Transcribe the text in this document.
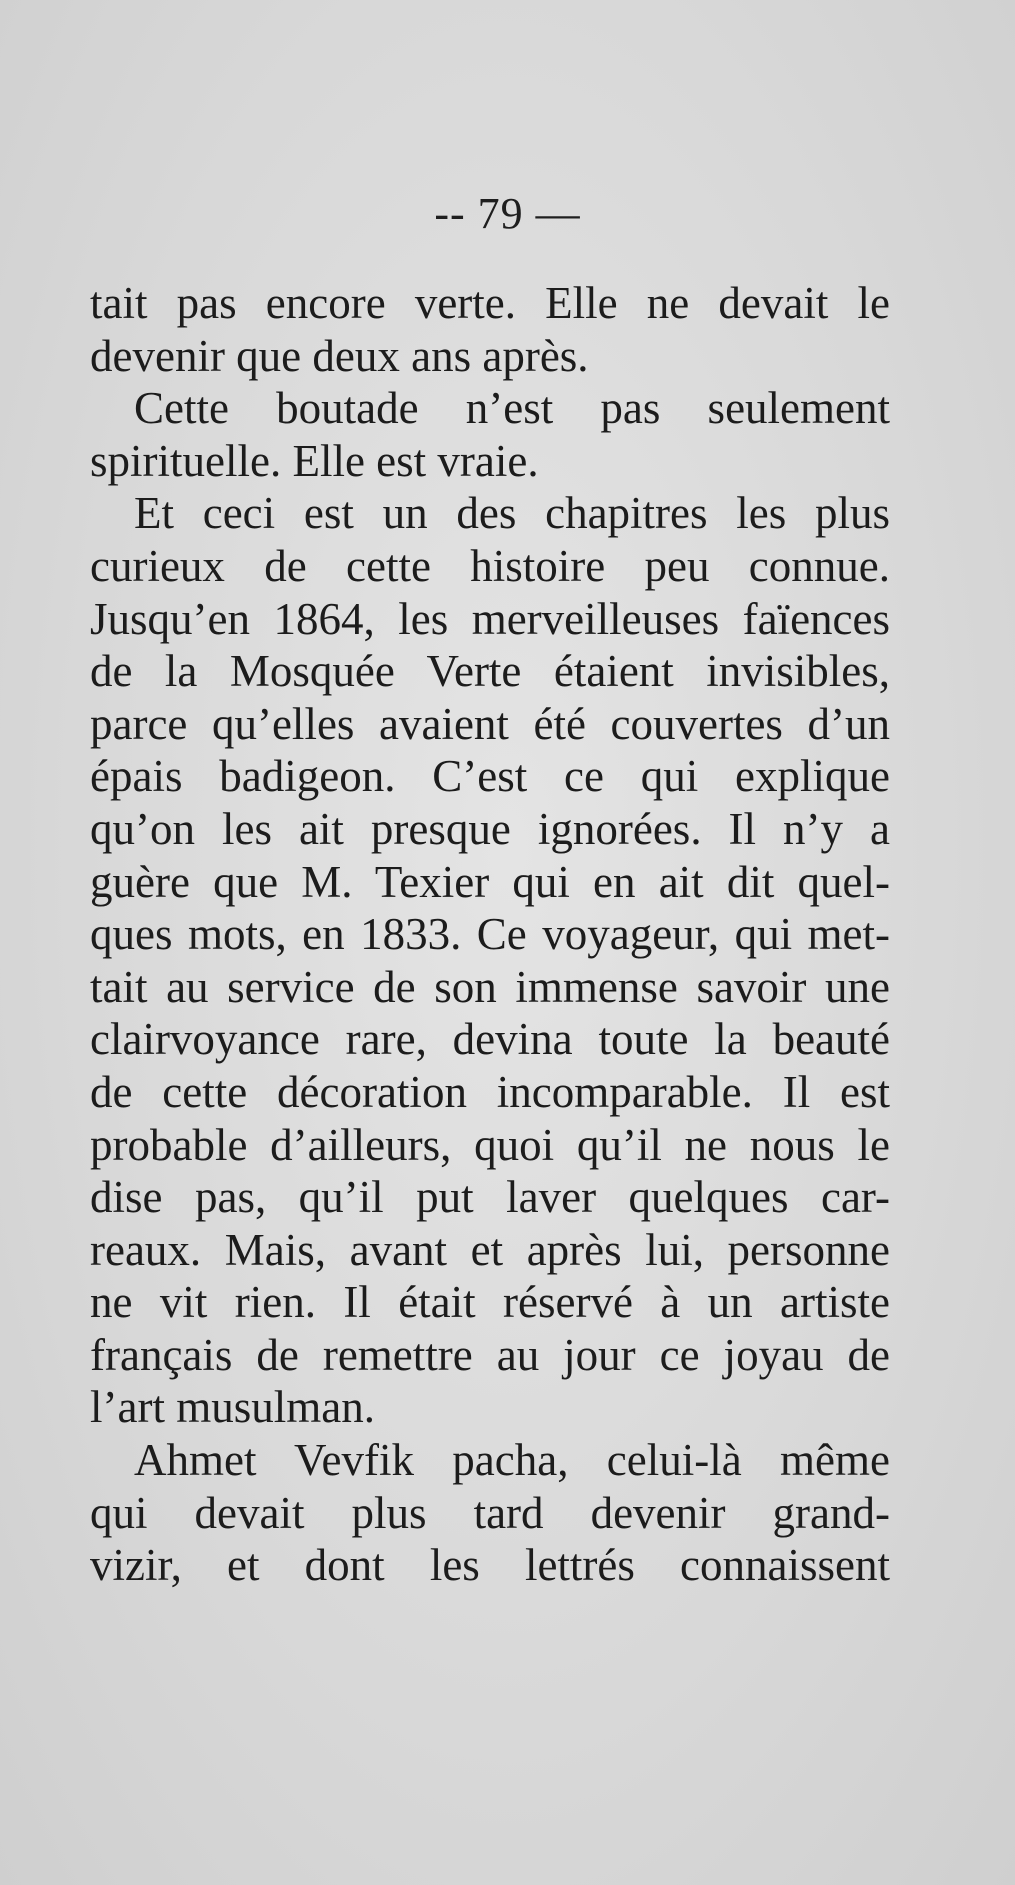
-- 79 —
tait pas encore verte. Elle ne devait le
devenir que deux ans après.
Cette boutade n’est pas seulement
spirituelle. Elle est vraie.
Et ceci est un des chapitres les plus
curieux de cette histoire peu connue.
Jusqu’en 1864, les merveilleuses faïences
de la Mosquée Verte étaient invisibles,
parce qu’elles avaient été couvertes d’un
épais badigeon. C’est ce qui explique
qu’on les ait presque ignorées. Il n’y a
guère que M. Texier qui en ait dit quel-
ques mots, en 1833. Ce voyageur, qui met-
tait au service de son immense savoir une
clairvoyance rare, devina toute la beauté
de cette décoration incomparable. Il est
probable d’ailleurs, quoi qu’il ne nous le
dise pas, qu’il put laver quelques car-
reaux. Mais, avant et après lui, personne
ne vit rien. Il était réservé à un artiste
français de remettre au jour ce joyau de
l’art musulman.
Ahmet Vevfik pacha, celui-là même
qui devait plus tard devenir grand-
vizir, et dont les lettrés connaissent
